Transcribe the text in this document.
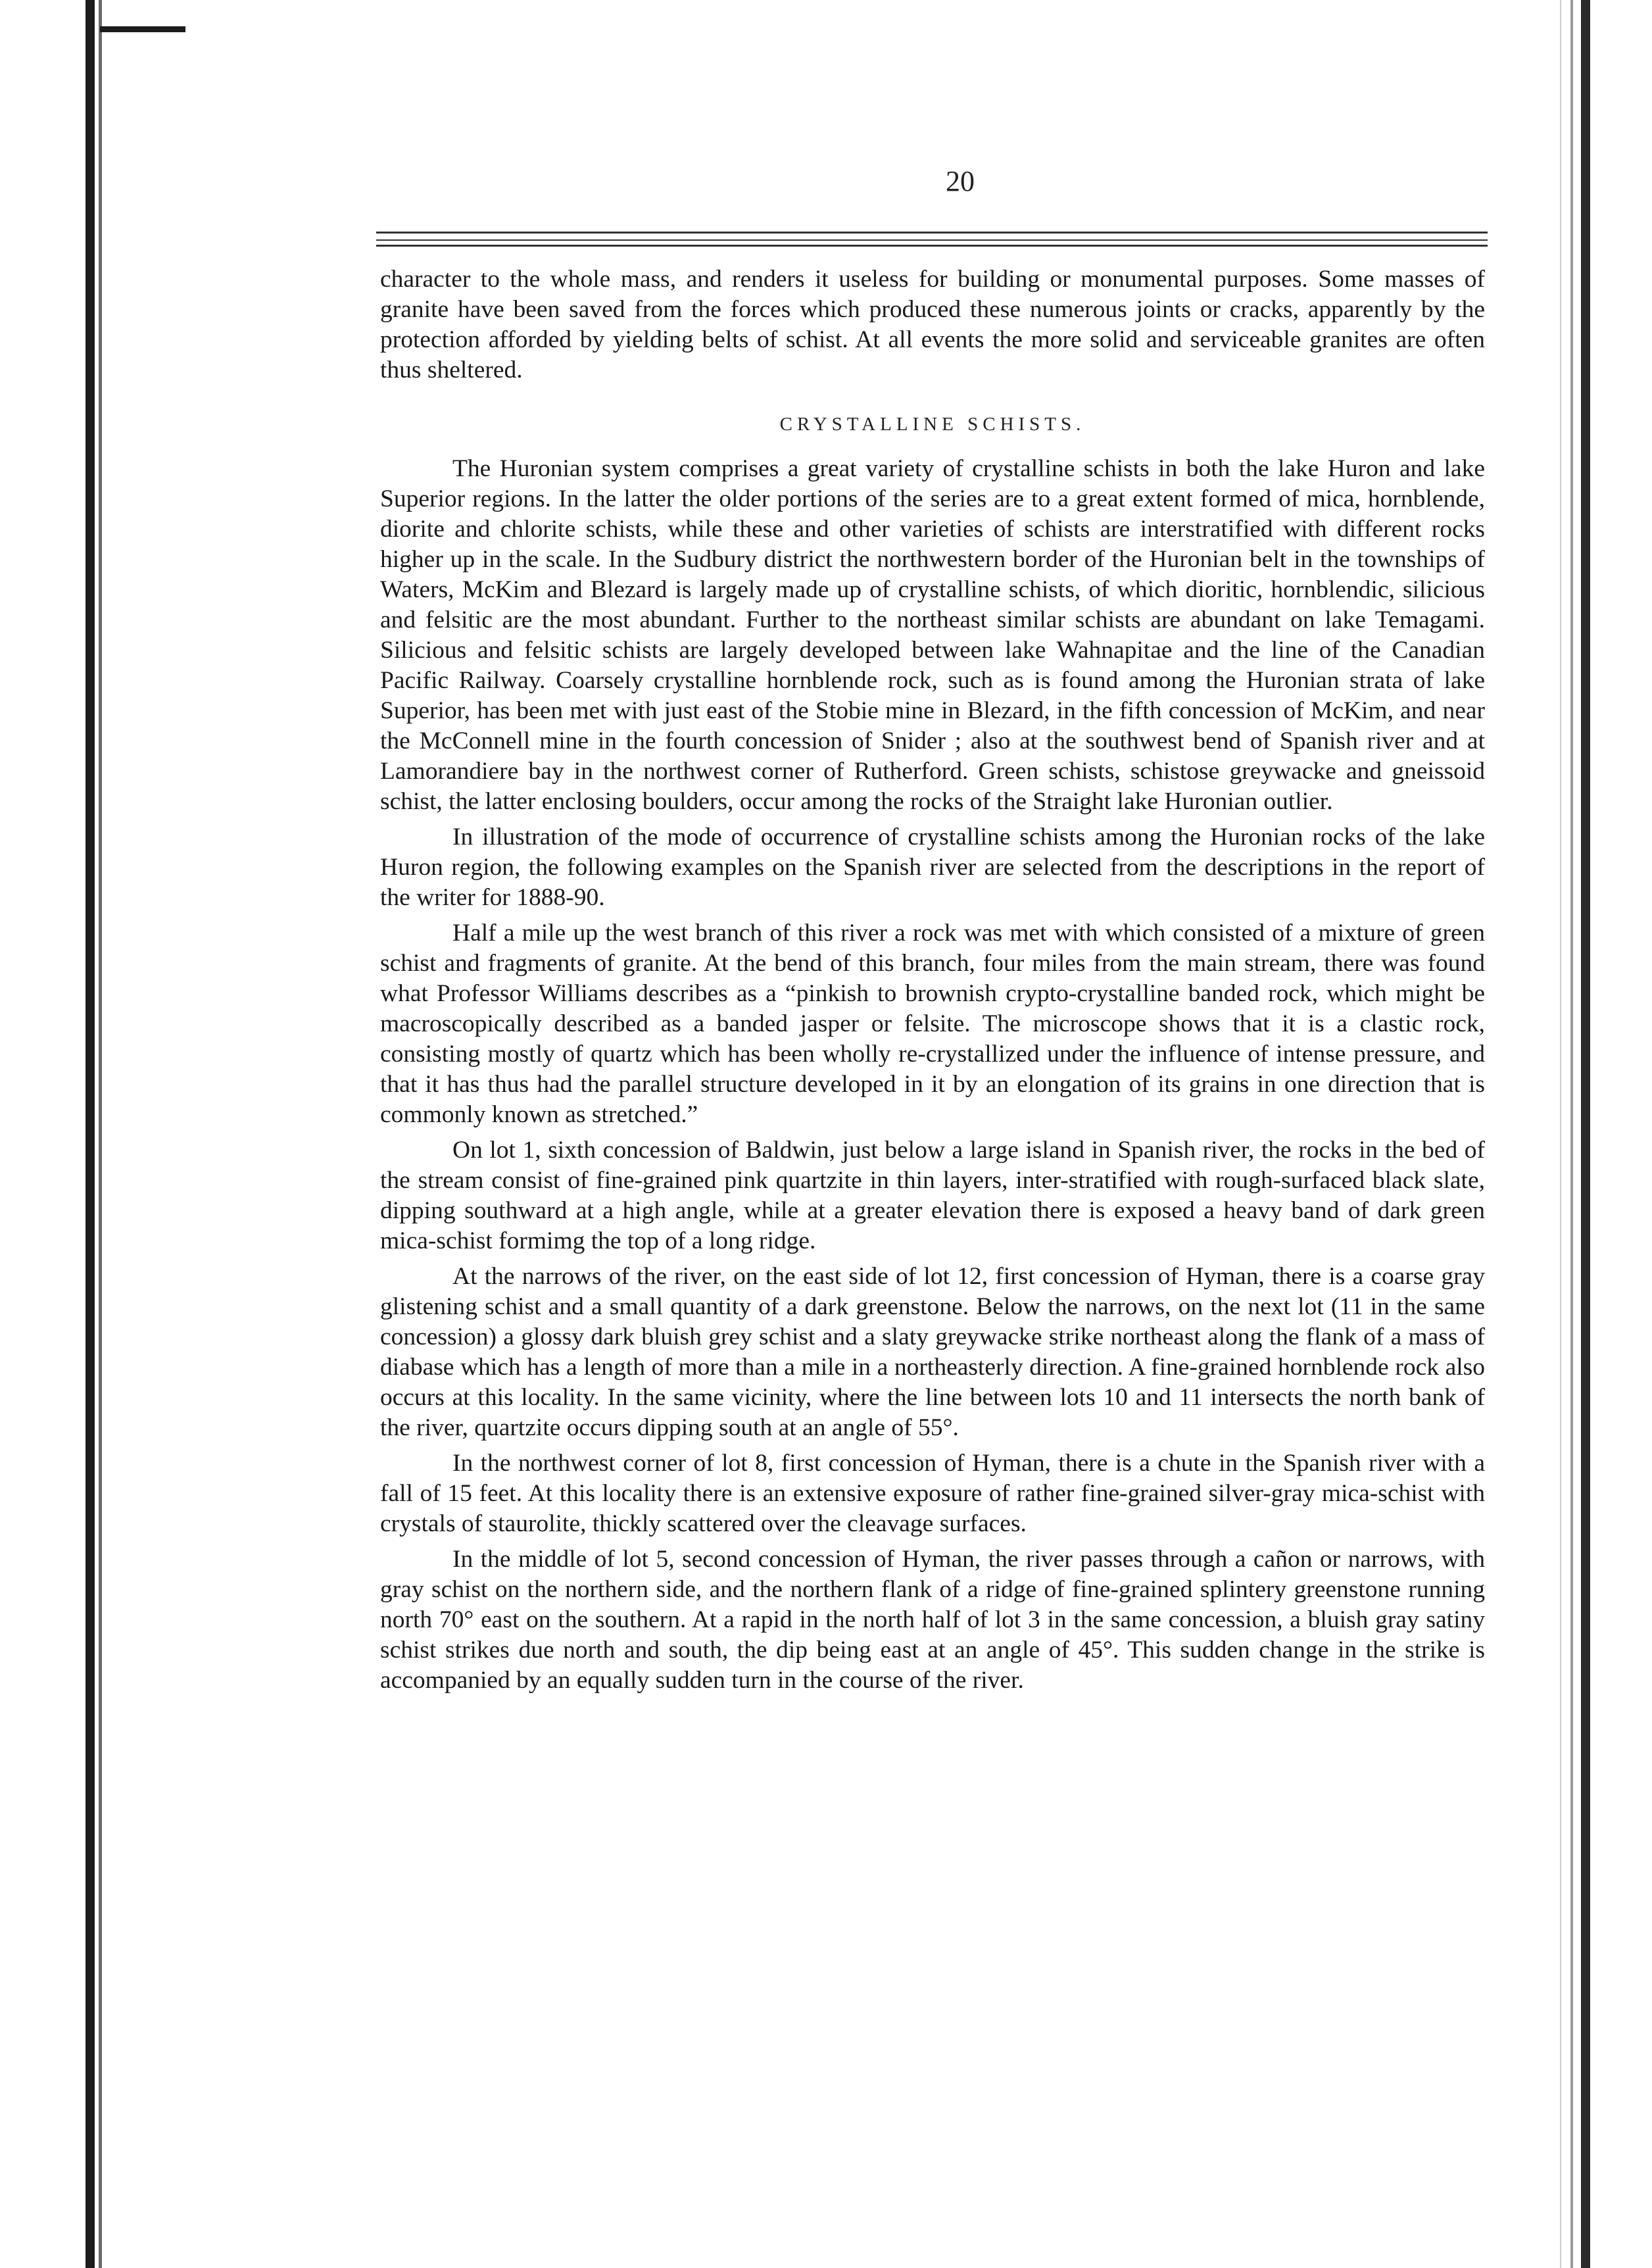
20

character to the whole mass, and renders it useless for building or monumental purposes. Some masses of granite have been saved from the forces which produced these numerous joints or cracks, apparently by the protection afforded by yielding belts of schist. At all events the more solid and serviceable granites are often thus sheltered.

CRYSTALLINE SCHISTS.

The Huronian system comprises a great variety of crystalline schists in both the lake Huron and lake Superior regions. In the latter the older portions of the series are to a great extent formed of mica, hornblende, diorite and chlorite schists, while these and other varieties of schists are interstratified with different rocks higher up in the scale. In the Sudbury district the northwestern border of the Huronian belt in the townships of Waters, McKim and Blezard is largely made up of crystalline schists, of which dioritic, hornblendic, silicious and felsitic are the most abundant. Further to the northeast similar schists are abundant on lake Temagami. Silicious and felsitic schists are largely developed between lake Wahnapitae and the line of the Canadian Pacific Railway. Coarsely crystalline hornblende rock, such as is found among the Huronian strata of lake Superior, has been met with just east of the Stobie mine in Blezard, in the fifth concession of McKim, and near the McConnell mine in the fourth concession of Snider ; also at the southwest bend of Spanish river and at Lamorandiere bay in the northwest corner of Rutherford. Green schists, schistose greywacke and gneissoid schist, the latter enclosing boulders, occur among the rocks of the Straight lake Huronian outlier.

In illustration of the mode of occurrence of crystalline schists among the Huronian rocks of the lake Huron region, the following examples on the Spanish river are selected from the descriptions in the report of the writer for 1888-90.

Half a mile up the west branch of this river a rock was met with which consisted of a mixture of green schist and fragments of granite. At the bend of this branch, four miles from the main stream, there was found what Professor Williams describes as a “pinkish to brownish crypto-crystalline banded rock, which might be macroscopically described as a banded jasper or felsite. The microscope shows that it is a clastic rock, consisting mostly of quartz which has been wholly re-crystallized under the influence of intense pressure, and that it has thus had the parallel structure developed in it by an elongation of its grains in one direction that is commonly known as stretched.”

On lot 1, sixth concession of Baldwin, just below a large island in Spanish river, the rocks in the bed of the stream consist of fine-grained pink quartzite in thin layers, inter-stratified with rough-surfaced black slate, dipping southward at a high angle, while at a greater elevation there is exposed a heavy band of dark green mica-schist formimg the top of a long ridge.

At the narrows of the river, on the east side of lot 12, first concession of Hyman, there is a coarse gray glistening schist and a small quantity of a dark greenstone. Below the narrows, on the next lot (11 in the same concession) a glossy dark bluish grey schist and a slaty greywacke strike northeast along the flank of a mass of diabase which has a length of more than a mile in a northeasterly direction. A fine-grained hornblende rock also occurs at this locality. In the same vicinity, where the line between lots 10 and 11 intersects the north bank of the river, quartzite occurs dipping south at an angle of 55°.

In the northwest corner of lot 8, first concession of Hyman, there is a chute in the Spanish river with a fall of 15 feet. At this locality there is an extensive exposure of rather fine-grained silver-gray mica-schist with crystals of staurolite, thickly scattered over the cleavage surfaces.

In the middle of lot 5, second concession of Hyman, the river passes through a cañon or narrows, with gray schist on the northern side, and the northern flank of a ridge of fine-grained splintery greenstone running north 70° east on the southern. At a rapid in the north half of lot 3 in the same concession, a bluish gray satiny schist strikes due north and south, the dip being east at an angle of 45°. This sudden change in the strike is accompanied by an equally sudden turn in the course of the river.
